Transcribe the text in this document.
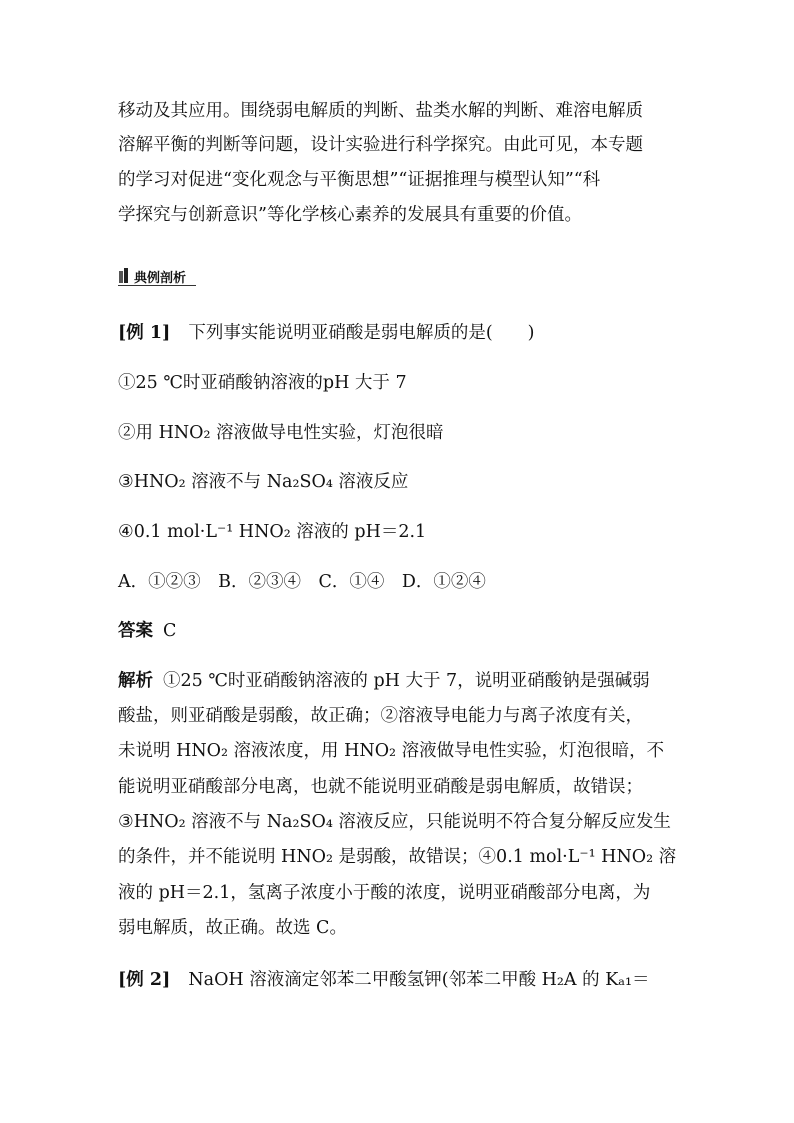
移动及其应用。围绕弱电解质的判断、盐类水解的判断、难溶电解质
溶解平衡的判断等问题，设计实验进行科学探究。由此可见，本专题
的学习对促进“变化观念与平衡思想”“证据推理与模型认知”“科
学探究与创新意识”等化学核心素养的发展具有重要的价值。
典例剖析
[例 1] 下列事实能说明亚硝酸是弱电解质的是(　　)
①25 ℃时亚硝酸钠溶液的pH 大于 7
②用 HNO₂ 溶液做导电性实验，灯泡很暗
③HNO₂ 溶液不与 Na₂SO₄ 溶液反应
④0.1 mol·L⁻¹ HNO₂ 溶液的 pH＝2.1
A．①②③　B．②③④　C．①④　D．①②④
答案 C
解析 ①25 ℃时亚硝酸钠溶液的 pH 大于 7，说明亚硝酸钠是强碱弱
酸盐，则亚硝酸是弱酸，故正确；②溶液导电能力与离子浓度有关，
未说明 HNO₂ 溶液浓度，用 HNO₂ 溶液做导电性实验，灯泡很暗，不
能说明亚硝酸部分电离，也就不能说明亚硝酸是弱电解质，故错误；
③HNO₂ 溶液不与 Na₂SO₄ 溶液反应，只能说明不符合复分解反应发生
的条件，并不能说明 HNO₂ 是弱酸，故错误；④0.1 mol·L⁻¹ HNO₂ 溶
液的 pH＝2.1，氢离子浓度小于酸的浓度，说明亚硝酸部分电离，为
弱电解质，故正确。故选 C。
[例 2] NaOH 溶液滴定邻苯二甲酸氢钾(邻苯二甲酸 H₂A 的 Kₐ₁＝
